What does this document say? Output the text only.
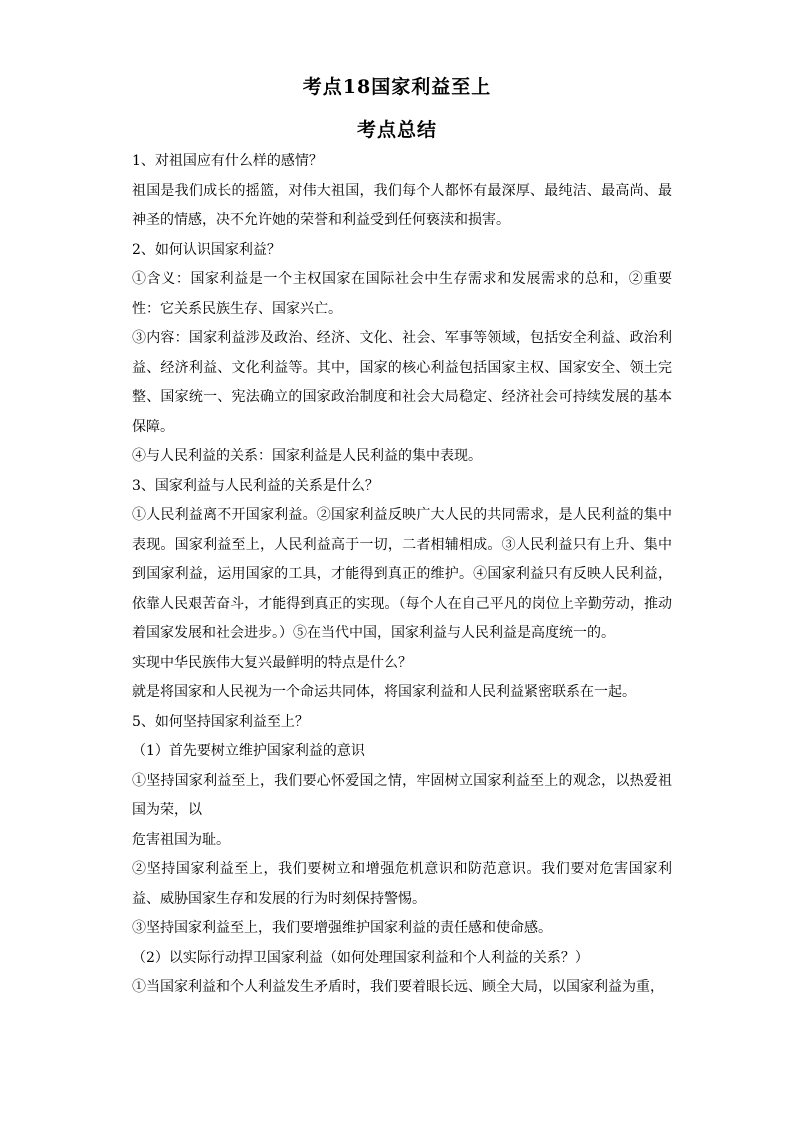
考点18国家利益至上
考点总结

1、对祖国应有什么样的感情？

祖国是我们成长的摇篮，对伟大祖国，我们每个人都怀有最深厚、最纯洁、最高尚、最神圣的情感，决不允许她的荣誉和利益受到任何亵渎和损害。

2、如何认识国家利益？

①含义：国家利益是一个主权国家在国际社会中生存需求和发展需求的总和，②重要性：它关系民族生存、国家兴亡。

③内容：国家利益涉及政治、经济、文化、社会、军事等领域，包括安全利益、政治利益、经济利益、文化利益等。其中，国家的核心利益包括国家主权、国家安全、领土完整、国家统一、宪法确立的国家政治制度和社会大局稳定、经济社会可持续发展的基本保障。

④与人民利益的关系：国家利益是人民利益的集中表现。

3、国家利益与人民利益的关系是什么？

①人民利益离不开国家利益。②国家利益反映广大人民的共同需求，是人民利益的集中表现。国家利益至上，人民利益高于一切，二者相辅相成。③人民利益只有上升、集中到国家利益，运用国家的工具，才能得到真正的维护。④国家利益只有反映人民利益，依靠人民艰苦奋斗，才能得到真正的实现。（每个人在自己平凡的岗位上辛勤劳动，推动着国家发展和社会进步。）⑤在当代中国，国家利益与人民利益是高度统一的。

实现中华民族伟大复兴最鲜明的特点是什么？

就是将国家和人民视为一个命运共同体，将国家利益和人民利益紧密联系在一起。

5、如何坚持国家利益至上？

（1）首先要树立维护国家利益的意识

①坚持国家利益至上，我们要心怀爱国之情，牢固树立国家利益至上的观念，以热爱祖国为荣，以

危害祖国为耻。

②坚持国家利益至上，我们要树立和增强危机意识和防范意识。我们要对危害国家利益、威胁国家生存和发展的行为时刻保持警惕。

③坚持国家利益至上，我们要增强维护国家利益的责任感和使命感。

（2）以实际行动捍卫国家利益（如何处理国家利益和个人利益的关系？）

①当国家利益和个人利益发生矛盾时，我们要着眼长远、顾全大局，以国家利益为重，
